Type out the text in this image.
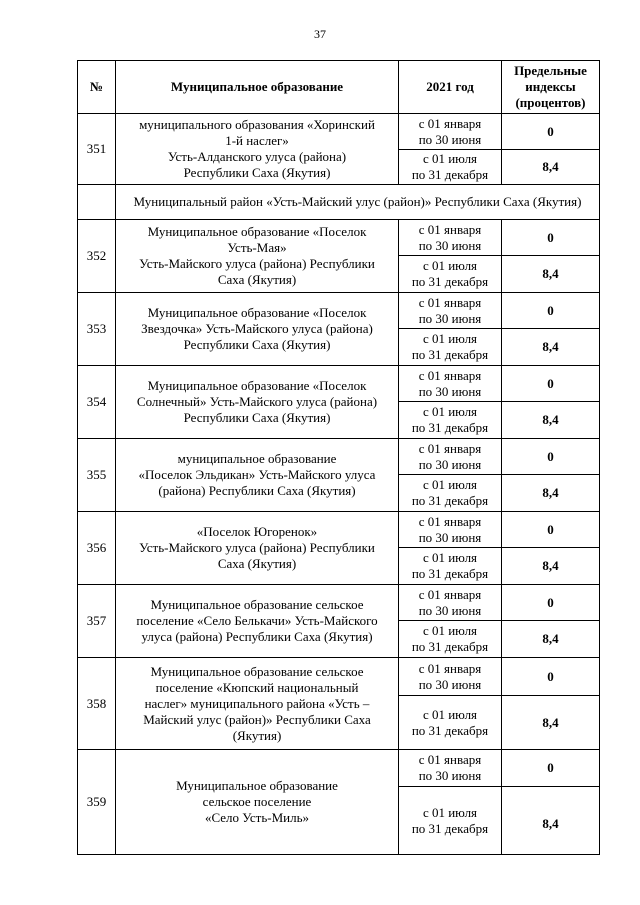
37
№	Муниципальное образование	2021 год	Предельные индексы (процентов)
351	муниципального образования «Хоринский
1-й наслег»
Усть-Алданского улуса (района)
Республики Саха (Якутия)	с 01 января
по 30 июня	0

		с 01 июля
по 31 декабря	8,4
	Муниципальный район «Усть-Майский улус (район)» Республики Саха (Якутия)		
352	Муниципальное образование «Поселок
Усть-Мая»
Усть-Майского улуса (района) Республики
Саха (Якутия)	с 01 января
по 30 июня	0

		с 01 июля
по 31 декабря	8,4
353	Муниципальное образование «Поселок
Звездочка» Усть-Майского улуса (района)
Республики Саха (Якутия)	с 01 января
по 30 июня	0

		с 01 июля
по 31 декабря	8,4
354	Муниципальное образование «Поселок
Солнечный» Усть-Майского улуса (района)
Республики Саха (Якутия)	с 01 января
по 30 июня	0

		с 01 июля
по 31 декабря	8,4
355	муниципальное образование
«Поселок Эльдикан» Усть-Майского улуса
(района) Республики Саха (Якутия)	с 01 января
по 30 июня	0

		с 01 июля
по 31 декабря	8,4
356	«Поселок Югоренок»
Усть-Майского улуса (района) Республики
Саха (Якутия)	с 01 января
по 30 июня	0

		с 01 июля
по 31 декабря	8,4
357	Муниципальное образование сельское
поселение «Село Белькачи» Усть-Майского
улуса (района) Республики Саха (Якутия)	с 01 января
по 30 июня	0

		с 01 июля
по 31 декабря	8,4
358	Муниципальное образование сельское
поселение «Кюпский национальный
наслег» муниципального района «Усть –
Майский улус (район)» Республики Саха
(Якутия)	с 01 января
по 30 июня	0

		с 01 июля
по 31 декабря	8,4
359	Муниципальное образование
сельское поселение
«Село Усть-Миль»	с 01 января
по 30 июня	0

		с 01 июля
по 31 декабря	8,4
